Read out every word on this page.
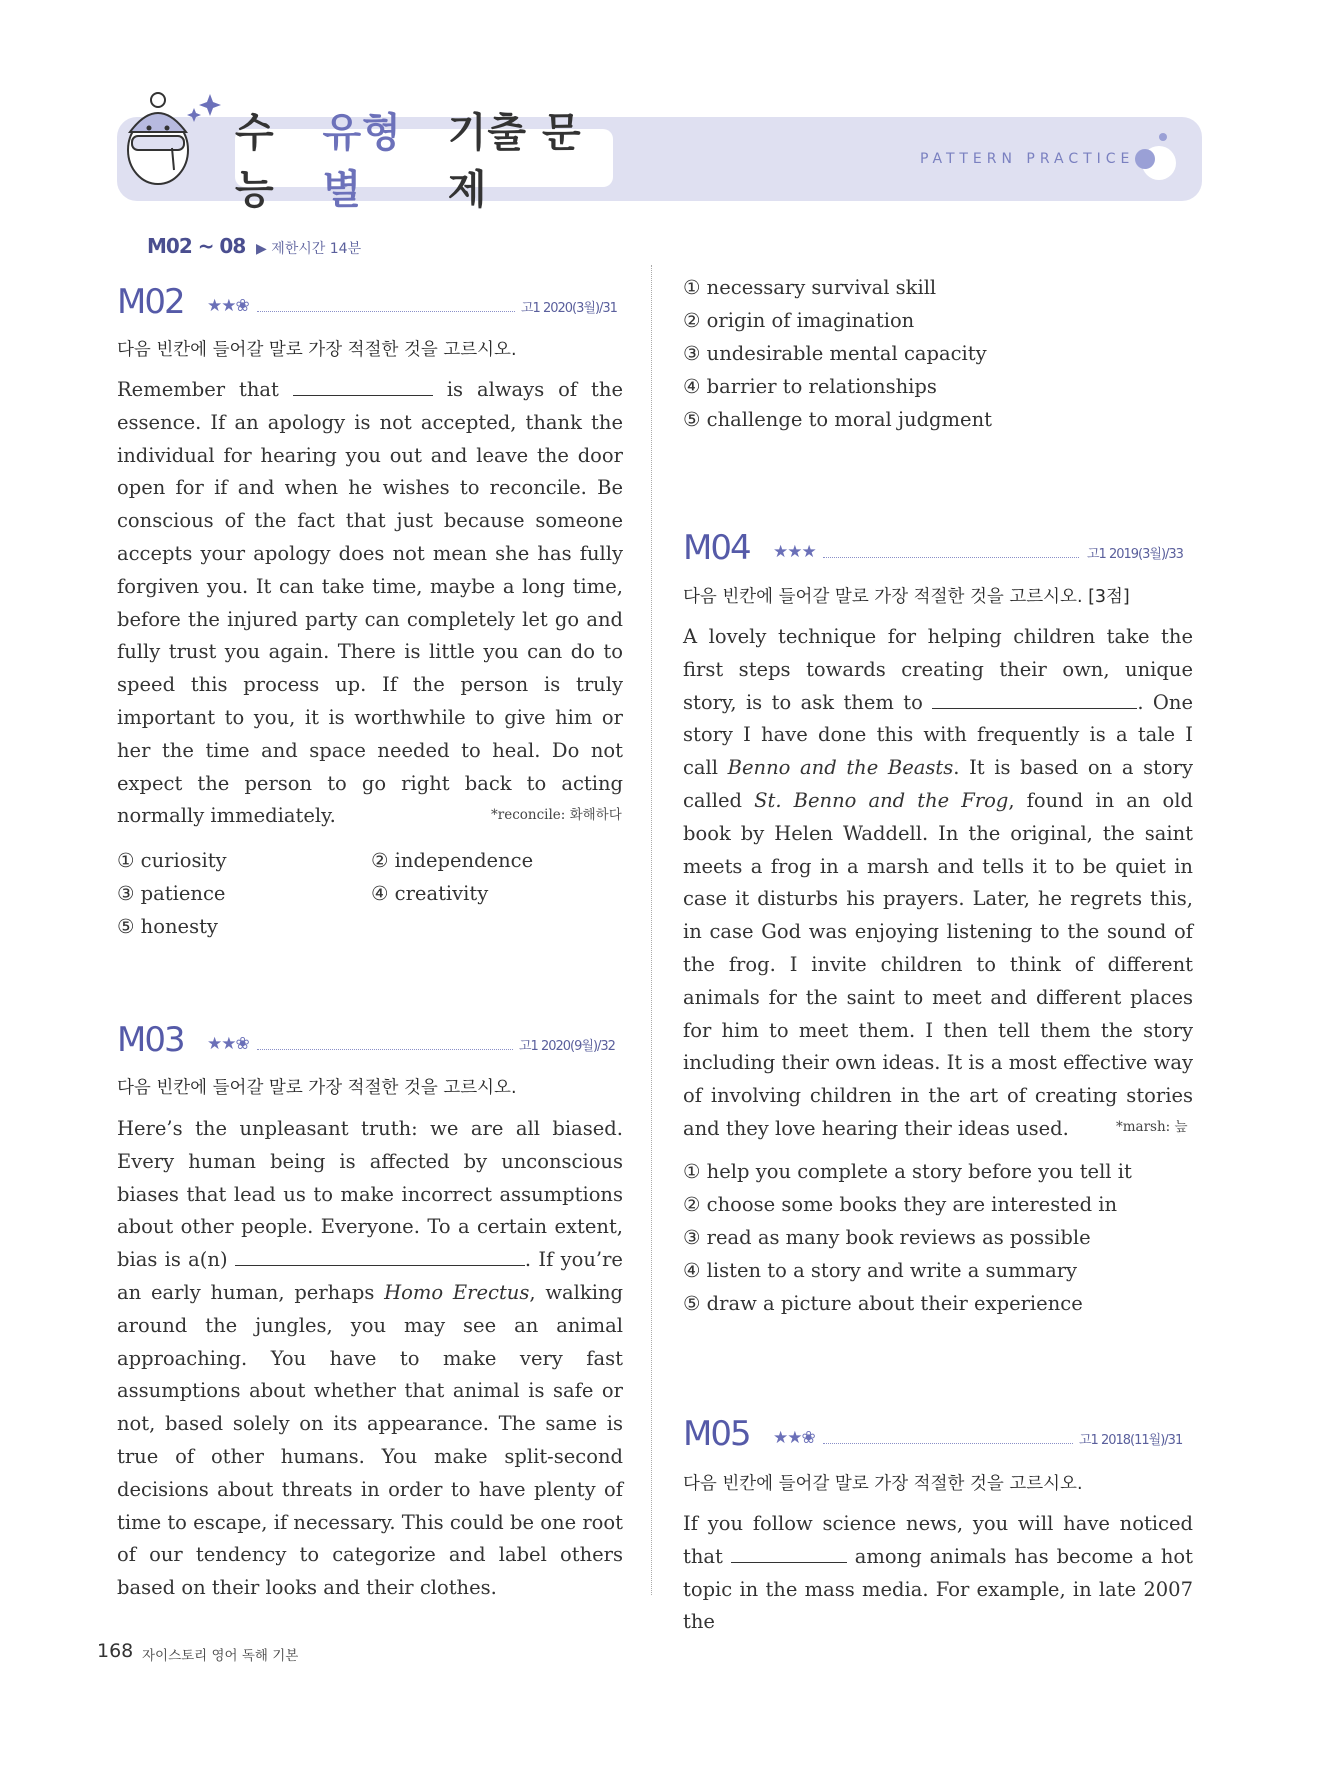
수능
유형별
기출 문제
PATTERN PRACTICE
M02 ~ 08 ▶ 제한시간 14분
M02 ★★❀	고1 2020(3월)/31
다음 빈칸에 들어갈 말로 가장 적절한 것을 고르시오.

Remember that	is always of the essence. If an apology is not accepted, thank the individual for hearing you out and leave the door open for if and when he wishes to reconcile. Be conscious of the fact that just because someone accepts your apology does not mean she has fully forgiven you. It can take time, maybe a long time, before the injured party can completely let go and fully trust you again. There is little you can do to speed this process up. If the person is truly important to you, it is worthwhile to give him or her the time and space needed to heal. Do not expect the person to go right back to acting normally immediately.	*reconcile: 화해하다
① curiosity	② independence
③ patience	④ creativity
⑤ honesty
M03 ★★❀	고1 2020(9월)/32
다음 빈칸에 들어갈 말로 가장 적절한 것을 고르시오.

Here’s the unpleasant truth: we are all biased. Every human being is affected by unconscious biases that lead us to make incorrect assumptions about other people. Everyone. To a certain extent, bias is a(n)	. If you’re an early human, perhaps Homo Erectus, walking around the jungles, you may see an animal approaching. You have to make very fast assumptions about whether that animal is safe or not, based solely on its appearance. The same is true of other humans. You make split-second decisions about threats in order to have plenty of time to escape, if necessary. This could be one root of our tendency to categorize and label others based on their looks and their clothes.

① necessary survival skill
② origin of imagination
③ undesirable mental capacity
④ barrier to relationships
⑤ challenge to moral judgment
M04 ★★★	고1 2019(3월)/33
다음 빈칸에 들어갈 말로 가장 적절한 것을 고르시오. [3점]

A lovely technique for helping children take the first steps towards creating their own, unique story, is to ask them to	. One story I have done this with frequently is a tale I call Benno and the Beasts. It is based on a story called St. Benno and the Frog, found in an old book by Helen Waddell. In the original, the saint meets a frog in a marsh and tells it to be quiet in case it disturbs his prayers. Later, he regrets this, in case God was enjoying listening to the sound of the frog. I invite children to think of different animals for the saint to meet and different places for him to meet them. I then tell them the story including their own ideas. It is a most effective way of involving children in the art of creating stories and they love hearing their ideas used.	*marsh: 늪
① help you complete a story before you tell it
② choose some books they are interested in
③ read as many book reviews as possible
④ listen to a story and write a summary
⑤ draw a picture about their experience
M05 ★★❀	고1 2018(11월)/31
다음 빈칸에 들어갈 말로 가장 적절한 것을 고르시오.

If you follow science news, you will have noticed that	among animals has become a hot topic in the mass media. For example, in late 2007 the

168 자이스토리 영어 독해 기본
